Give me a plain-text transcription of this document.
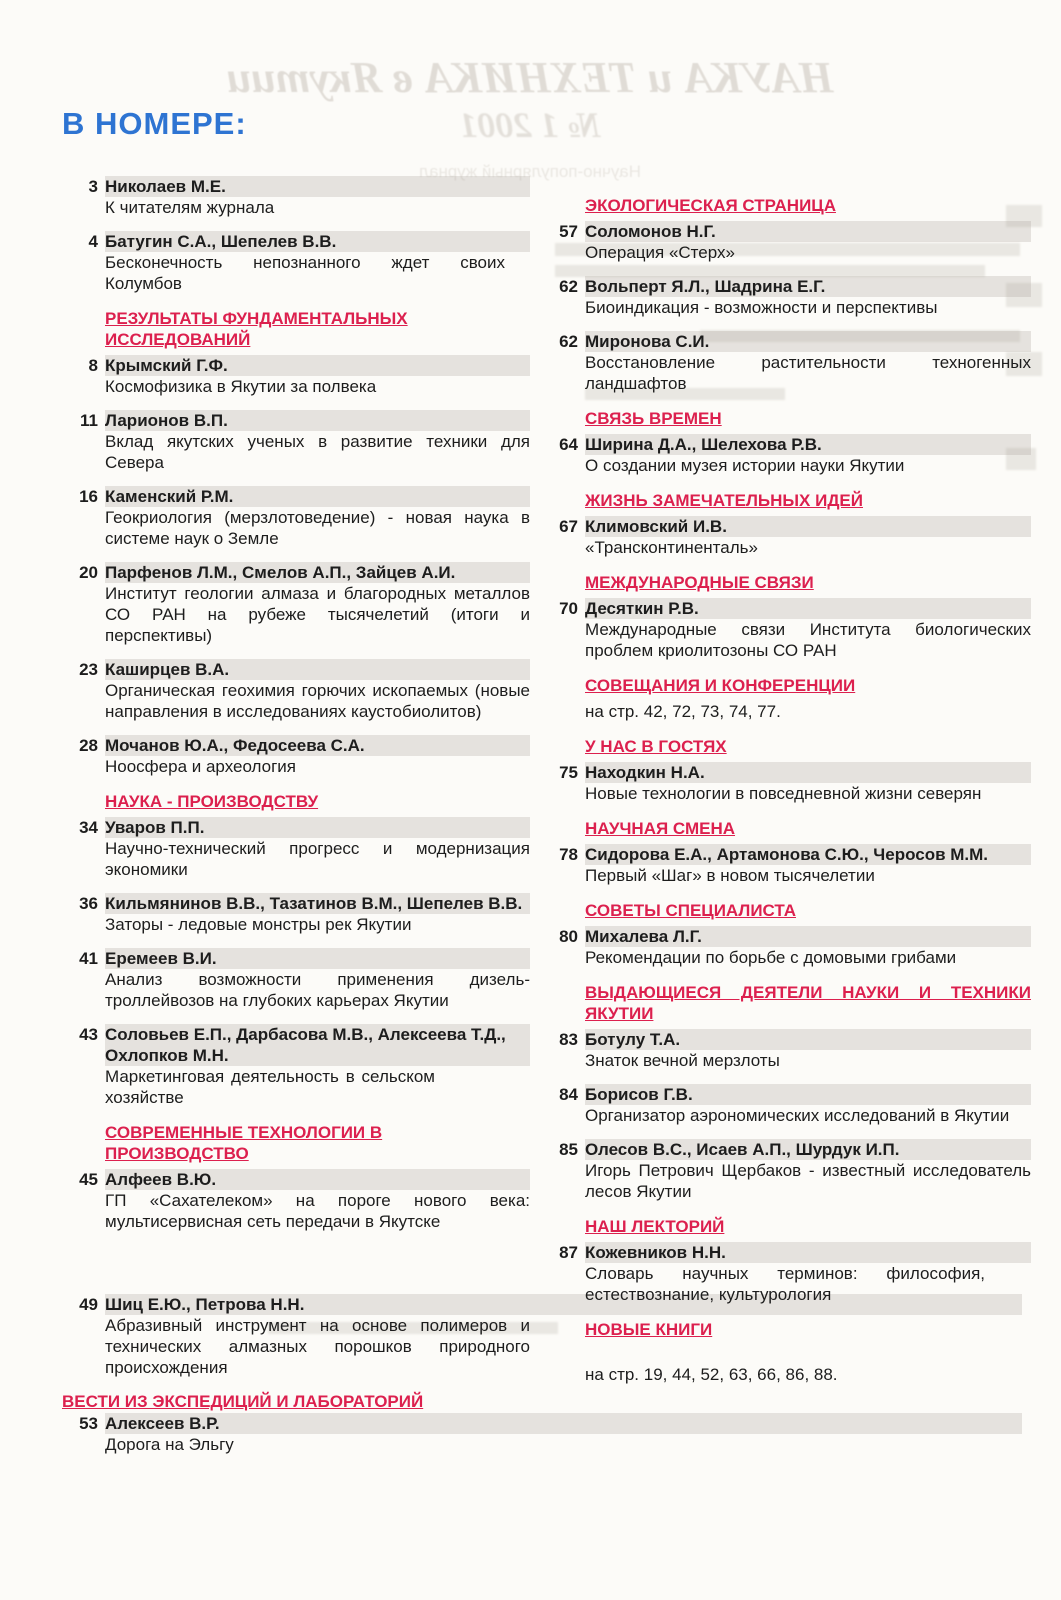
НАУКА и ТЕХНИКА в Якутии
№ 1 2001
Научно-популярный журнал
В НОМЕРЕ:
3 Николаев М.Е.
К читателям журнала
4 Батугин С.А., Шепелев В.В.
Бесконечность непознанного ждет своих Колумбов
РЕЗУЛЬТАТЫ ФУНДАМЕНТАЛЬНЫХ ИССЛЕДОВАНИЙ
8 Крымский Г.Ф.
Космофизика в Якутии за полвека
11 Ларионов В.П.
Вклад якутских ученых в развитие техники для Севера
16 Каменский Р.М.
Геокриология (мерзлотоведение) - новая наука в системе наук о Земле
20 Парфенов Л.М., Смелов А.П., Зайцев А.И.
Институт геологии алмаза и благородных металлов СО РАН на рубеже тысячелетий (итоги и перспективы)
23 Каширцев В.А.
Органическая геохимия горючих ископаемых (новые направления в исследованиях каустобиолитов)
28 Мочанов Ю.А., Федосеева С.А.
Ноосфера и археология
НАУКА - ПРОИЗВОДСТВУ
34 Уваров П.П.
Научно-технический прогресс и модернизация экономики
36 Кильмянинов В.В., Тазатинов В.М., Шепелев В.В.
Заторы - ледовые монстры рек Якутии
41 Еремеев В.И.
Анализ возможности применения дизель-троллейвозов на глубоких карьерах Якутии
43 Соловьев Е.П., Дарбасова М.В., Алексеева Т.Д., Охлопков М.Н.
Маркетинговая деятельность в сельском хозяйстве
СОВРЕМЕННЫЕ ТЕХНОЛОГИИ В ПРОИЗВОДСТВО
45 Алфеев В.Ю.
ГП «Сахателеком» на пороге нового века: мультисервисная сеть передачи в Якутске
49 Шиц Е.Ю., Петрова Н.Н.
Абразивный инструмент на основе полимеров и технических алмазных порошков природного происхождения
ВЕСТИ ИЗ ЭКСПЕДИЦИЙ И ЛАБОРАТОРИЙ
53 Алексеев В.Р.
Дорога на Эльгу
ЭКОЛОГИЧЕСКАЯ СТРАНИЦА
57 Соломонов Н.Г.
Операция «Стерх»
62 Вольперт Я.Л., Шадрина Е.Г.
Биоиндикация - возможности и перспективы
62 Миронова С.И.
Восстановление растительности техногенных ландшафтов
СВЯЗЬ ВРЕМЕН
64 Ширина Д.А., Шелехова Р.В.
О создании музея истории науки Якутии
ЖИЗНЬ ЗАМЕЧАТЕЛЬНЫХ ИДЕЙ
67 Климовский И.В.
«Трансконтиненталь»
МЕЖДУНАРОДНЫЕ СВЯЗИ
70 Десяткин Р.В.
Международные связи Института биологических проблем криолитозоны СО РАН
СОВЕЩАНИЯ И КОНФЕРЕНЦИИ
на стр. 42, 72, 73, 74, 77.
У НАС В ГОСТЯХ
75 Находкин Н.А.
Новые технологии в повседневной жизни северян
НАУЧНАЯ СМЕНА
78 Сидорова Е.А., Артамонова С.Ю., Черосов М.М.
Первый «Шаг» в новом тысячелетии
СОВЕТЫ СПЕЦИАЛИСТА
80 Михалева Л.Г.
Рекомендации по борьбе с домовыми грибами
ВЫДАЮЩИЕСЯ ДЕЯТЕЛИ НАУКИ И ТЕХНИКИ ЯКУТИИ
83 Ботулу Т.А.
Знаток вечной мерзлоты
84 Борисов Г.В.
Организатор аэрономических исследований в Якутии
85 Олесов В.С., Исаев А.П., Шурдук И.П.
Игорь Петрович Щербаков - известный исследователь лесов Якутии
НАШ ЛЕКТОРИЙ
87 Кожевников Н.Н.
Словарь научных терминов: философия, естествознание, культурология
НОВЫЕ КНИГИ
на стр. 19, 44, 52, 63, 66, 86, 88.
